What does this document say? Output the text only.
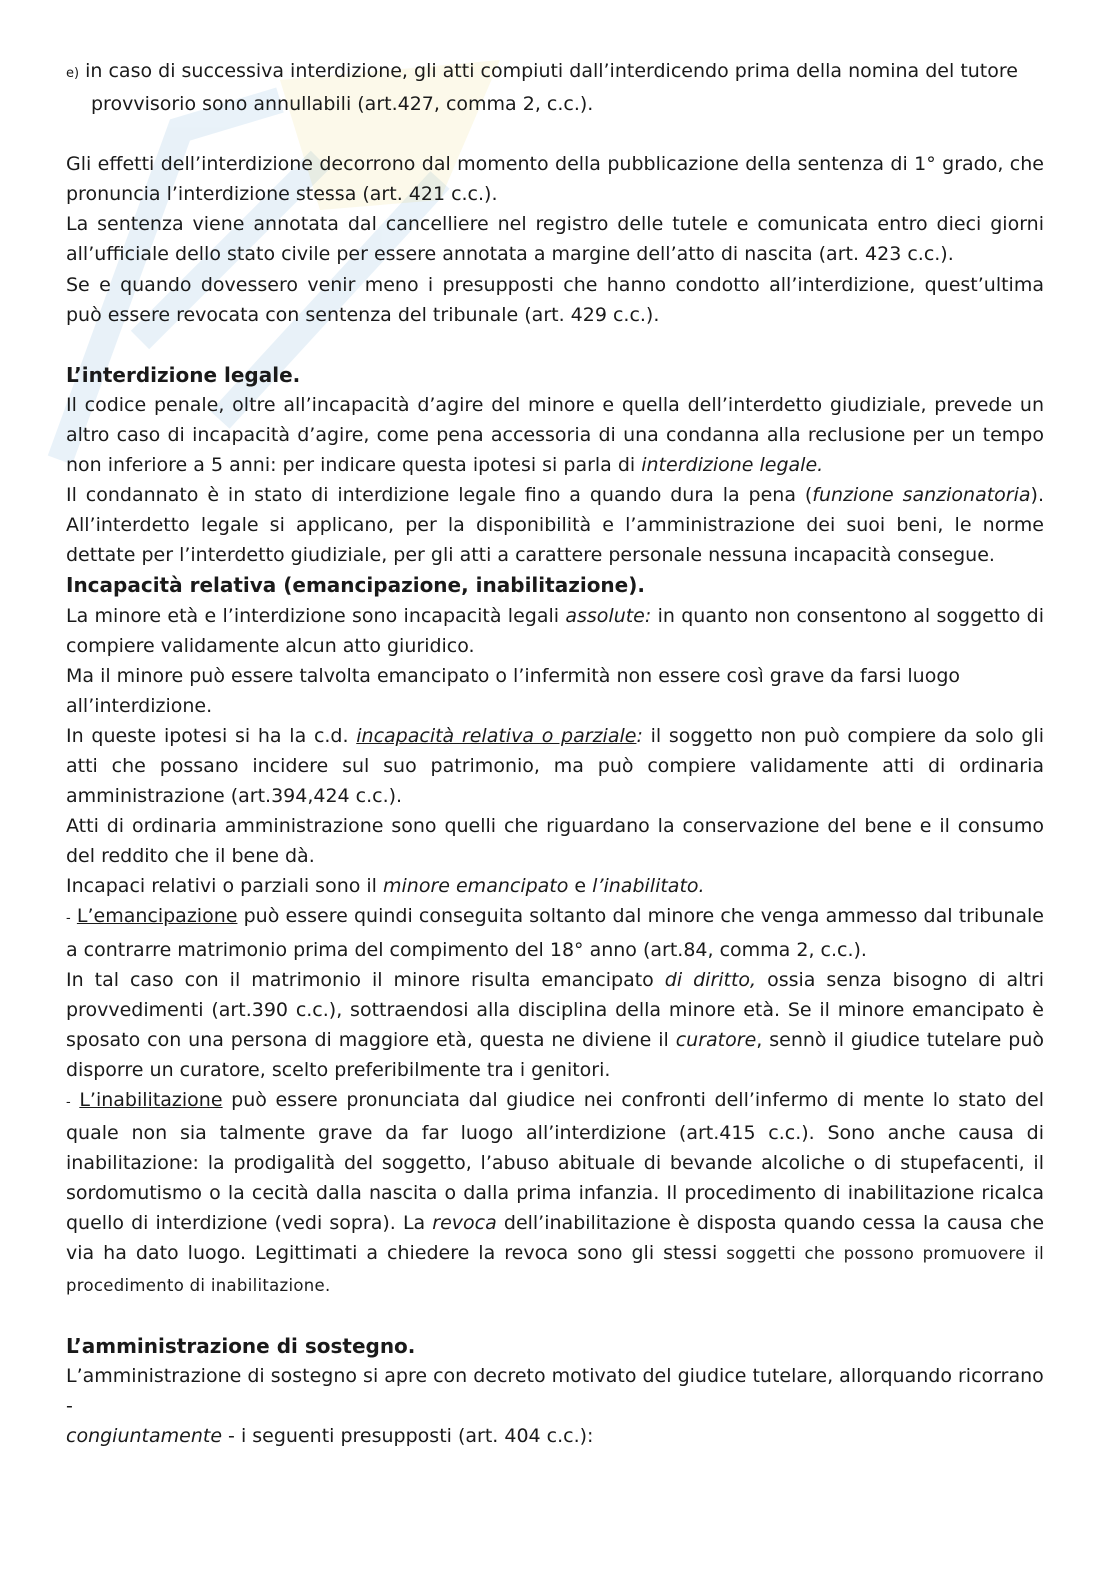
e) in caso di successiva interdizione, gli atti compiuti dall’interdicendo prima della nomina del tutore provvisorio sono annullabili (art.427, comma 2, c.c.).

Gli effetti dell’interdizione decorrono dal momento della pubblicazione della sentenza di 1° grado, che pronuncia l’interdizione stessa (art. 421 c.c.).

La sentenza viene annotata dal cancelliere nel registro delle tutele e comunicata entro dieci giorni all’ufficiale dello stato civile per essere annotata a margine dell’atto di nascita (art. 423 c.c.).

Se e quando dovessero venir meno i presupposti che hanno condotto all’interdizione, quest’ultima può essere revocata con sentenza del tribunale (art. 429 c.c.).

L’interdizione legale.

Il codice penale, oltre all’incapacità d’agire del minore e quella dell’interdetto giudiziale, prevede un altro caso di incapacità d’agire, come pena accessoria di una condanna alla reclusione per un tempo non inferiore a 5 anni: per indicare questa ipotesi si parla di interdizione legale.

Il condannato è in stato di interdizione legale fino a quando dura la pena (funzione sanzionatoria). All’interdetto legale si applicano, per la disponibilità e l’amministrazione dei suoi beni, le norme dettate per l’interdetto giudiziale, per gli atti a carattere personale nessuna incapacità consegue.

Incapacità relativa (emancipazione, inabilitazione).

La minore età e l’interdizione sono incapacità legali assolute: in quanto non consentono al soggetto di compiere validamente alcun atto giuridico.

Ma il minore può essere talvolta emancipato o l’infermità non essere così grave da farsi luogo all’interdizione.

In queste ipotesi si ha la c.d. incapacità relativa o parziale: il soggetto non può compiere da solo gli atti che possano incidere sul suo patrimonio, ma può compiere validamente atti di ordinaria amministrazione (art.394,424 c.c.).

Atti di ordinaria amministrazione sono quelli che riguardano la conservazione del bene e il consumo del reddito che il bene dà.

Incapaci relativi o parziali sono il minore emancipato e l’inabilitato.

- L’emancipazione può essere quindi conseguita soltanto dal minore che venga ammesso dal tribunale a contrarre matrimonio prima del compimento del 18° anno (art.84, comma 2, c.c.).

In tal caso con il matrimonio il minore risulta emancipato di diritto, ossia senza bisogno di altri provvedimenti (art.390 c.c.), sottraendosi alla disciplina della minore età. Se il minore emancipato è sposato con una persona di maggiore età, questa ne diviene il curatore, sennò il giudice tutelare può disporre un curatore, scelto preferibilmente tra i genitori.

- L’inabilitazione può essere pronunciata dal giudice nei confronti dell’infermo di mente lo stato del quale non sia talmente grave da far luogo all’interdizione (art.415 c.c.). Sono anche causa di inabilitazione: la prodigalità del soggetto, l’abuso abituale di bevande alcoliche o di stupefacenti, il sordomutismo o la cecità dalla nascita o dalla prima infanzia. Il procedimento di inabilitazione ricalca quello di interdizione (vedi sopra). La revoca dell’inabilitazione è disposta quando cessa la causa che via ha dato luogo. Legittimati a chiedere la revoca sono gli stessi soggetti che possono promuovere il procedimento di inabilitazione.

L’amministrazione di sostegno.

L’amministrazione di sostegno si apre con decreto motivato del giudice tutelare, allorquando ricorrano -

congiuntamente - i seguenti presupposti (art. 404 c.c.):
